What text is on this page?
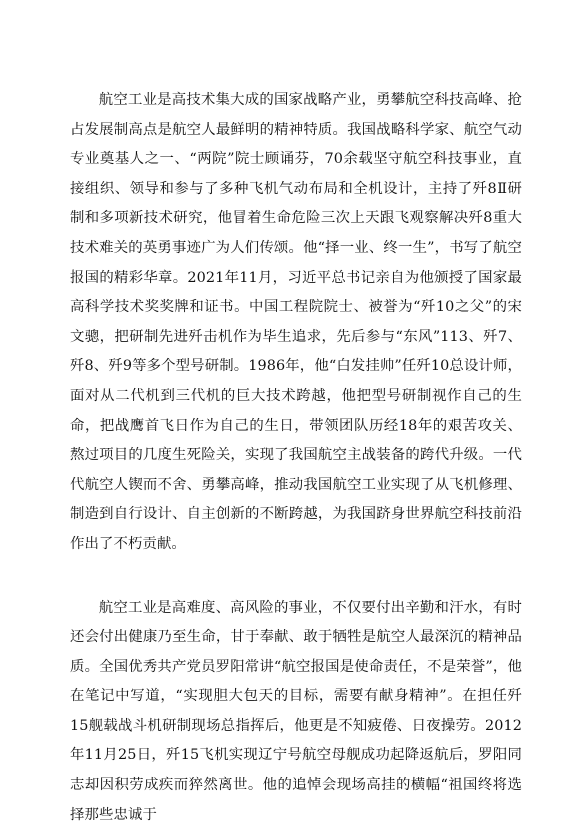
航空工业是高技术集大成的国家战略产业，勇攀航空科技高峰、抢占发展制高点是航空人最鲜明的精神特质。我国战略科学家、航空气动专业奠基人之一、“两院”院士顾诵芬，70余载坚守航空科技事业，直接组织、领导和参与了多种飞机气动布局和全机设计，主持了歼8Ⅱ研制和多项新技术研究，他冒着生命危险三次上天跟飞观察解决歼8重大技术难关的英勇事迹广为人们传颂。他“择一业、终一生”，书写了航空报国的精彩华章。2021年11月，习近平总书记亲自为他颁授了国家最高科学技术奖奖牌和证书。中国工程院院士、被誉为“歼10之父”的宋文骢，把研制先进歼击机作为毕生追求，先后参与“东风”113、歼7、歼8、歼9等多个型号研制。1986年，他“白发挂帅”任歼10总设计师，面对从二代机到三代机的巨大技术跨越，他把型号研制视作自己的生命，把战鹰首飞日作为自己的生日，带领团队历经18年的艰苦攻关、熬过项目的几度生死险关，实现了我国航空主战装备的跨代升级。一代代航空人锲而不舍、勇攀高峰，推动我国航空工业实现了从飞机修理、制造到自行设计、自主创新的不断跨越，为我国跻身世界航空科技前沿作出了不朽贡献。

航空工业是高难度、高风险的事业，不仅要付出辛勤和汗水，有时还会付出健康乃至生命，甘于奉献、敢于牺牲是航空人最深沉的精神品质。全国优秀共产党员罗阳常讲“航空报国是使命责任，不是荣誉”，他在笔记中写道，“实现胆大包天的目标，需要有献身精神”。在担任歼15舰载战斗机研制现场总指挥后，他更是不知疲倦、日夜操劳。2012年11月25日，歼15飞机实现辽宁号航空母舰成功起降返航后，罗阳同志却因积劳成疾而猝然离世。他的追悼会现场高挂的横幅“祖国终将选择那些忠诚于
